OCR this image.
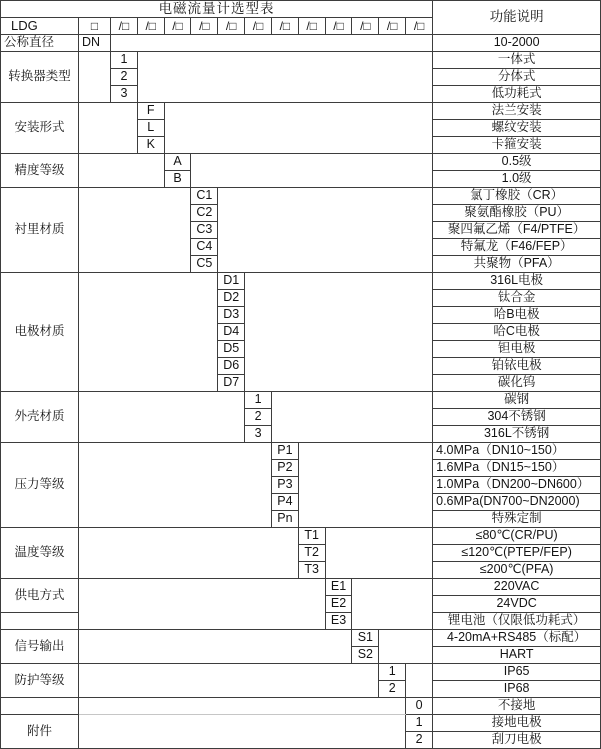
电磁流量计选型表														功能说明
LDG	□	/□	/□	/□	/□	/□	/□	/□	/□	/□	/□	/□	/□	
公称直径	DN													10-2000
转换器类型		1												一体式
		2												分体式
		3												低功耗式
安装形式			F											法兰安装
			L											螺纹安装
			K											卡箍安装
精度等级				A										0.5级
				B										1.0级
衬里材质					C1									氯丁橡胶（CR）
					C2									聚氨酯橡胶（PU）
					C3									聚四氟乙烯（F4/PTFE）
					C4									特氟龙（F46/FEP）
					C5									共聚物（PFA）
电极材质						D1								316L电极
						D2								钛合金
						D3								哈B电极
						D4								哈C电极
						D5								钽电极
						D6								铂铱电极
						D7								碳化钨
外壳材质							1							碳钢
							2							304不锈钢
							3							316L不锈钢
压力等级								P1						4.0MPa（DN10~150）
								P2						1.6MPa（DN15~150）
								P3						1.0MPa（DN200~DN600）
								P4						0.6MPa(DN700~DN2000)
								Pn						特殊定制
温度等级									T1					≤80℃(CR/PU)
									T2					≤120℃(PTEP/FEP)
									T3					≤200℃(PFA)
供电方式										E1				220VAC
										E2				24VDC
										E3				锂电池（仅限低功耗式）
信号输出											S1			4-20mA+RS485（标配）
											S2			HART
防护等级												1		IP65
												2		IP68
													0	不接地
附件													1	接地电极
													2	刮刀电极
